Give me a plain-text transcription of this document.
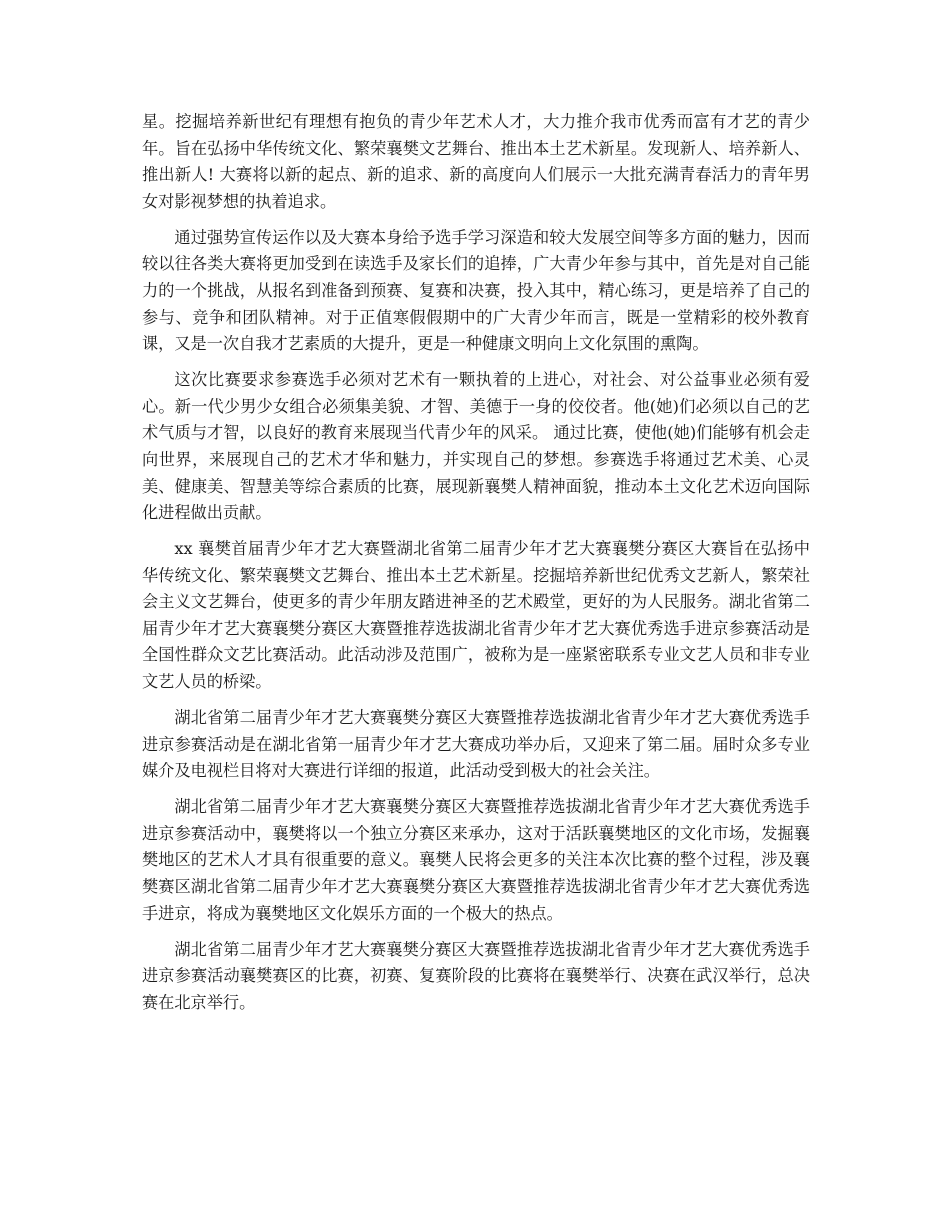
星。挖掘培养新世纪有理想有抱负的青少年艺术人才，大力推介我市优秀而富有才艺的青少年。旨在弘扬中华传统文化、繁荣襄樊文艺舞台、推出本土艺术新星。发现新人、培养新人、推出新人! 大赛将以新的起点、新的追求、新的高度向人们展示一大批充满青春活力的青年男女对影视梦想的执着追求。

通过强势宣传运作以及大赛本身给予选手学习深造和较大发展空间等多方面的魅力，因而较以往各类大赛将更加受到在读选手及家长们的追捧，广大青少年参与其中，首先是对自己能力的一个挑战，从报名到准备到预赛、复赛和决赛，投入其中，精心练习，更是培养了自己的参与、竞争和团队精神。对于正值寒假假期中的广大青少年而言，既是一堂精彩的校外教育课，又是一次自我才艺素质的大提升，更是一种健康文明向上文化氛围的熏陶。

这次比赛要求参赛选手必须对艺术有一颗执着的上进心，对社会、对公益事业必须有爱心。新一代少男少女组合必须集美貌、才智、美德于一身的佼佼者。他(她)们必须以自己的艺术气质与才智，以良好的教育来展现当代青少年的风采。 通过比赛，使他(她)们能够有机会走向世界，来展现自己的艺术才华和魅力，并实现自己的梦想。参赛选手将通过艺术美、心灵美、健康美、智慧美等综合素质的比赛，展现新襄樊人精神面貌，推动本土文化艺术迈向国际化进程做出贡献。

xx 襄樊首届青少年才艺大赛暨湖北省第二届青少年才艺大赛襄樊分赛区大赛旨在弘扬中华传统文化、繁荣襄樊文艺舞台、推出本土艺术新星。挖掘培养新世纪优秀文艺新人，繁荣社会主义文艺舞台，使更多的青少年朋友踏进神圣的艺术殿堂，更好的为人民服务。湖北省第二届青少年才艺大赛襄樊分赛区大赛暨推荐选拔湖北省青少年才艺大赛优秀选手进京参赛活动是全国性群众文艺比赛活动。此活动涉及范围广，被称为是一座紧密联系专业文艺人员和非专业文艺人员的桥梁。

湖北省第二届青少年才艺大赛襄樊分赛区大赛暨推荐选拔湖北省青少年才艺大赛优秀选手进京参赛活动是在湖北省第一届青少年才艺大赛成功举办后，又迎来了第二届。届时众多专业媒介及电视栏目将对大赛进行详细的报道，此活动受到极大的社会关注。

湖北省第二届青少年才艺大赛襄樊分赛区大赛暨推荐选拔湖北省青少年才艺大赛优秀选手进京参赛活动中，襄樊将以一个独立分赛区来承办，这对于活跃襄樊地区的文化市场，发掘襄樊地区的艺术人才具有很重要的意义。襄樊人民将会更多的关注本次比赛的整个过程，涉及襄樊赛区湖北省第二届青少年才艺大赛襄樊分赛区大赛暨推荐选拔湖北省青少年才艺大赛优秀选手进京，将成为襄樊地区文化娱乐方面的一个极大的热点。

湖北省第二届青少年才艺大赛襄樊分赛区大赛暨推荐选拔湖北省青少年才艺大赛优秀选手进京参赛活动襄樊赛区的比赛，初赛、复赛阶段的比赛将在襄樊举行、决赛在武汉举行，总决赛在北京举行。
